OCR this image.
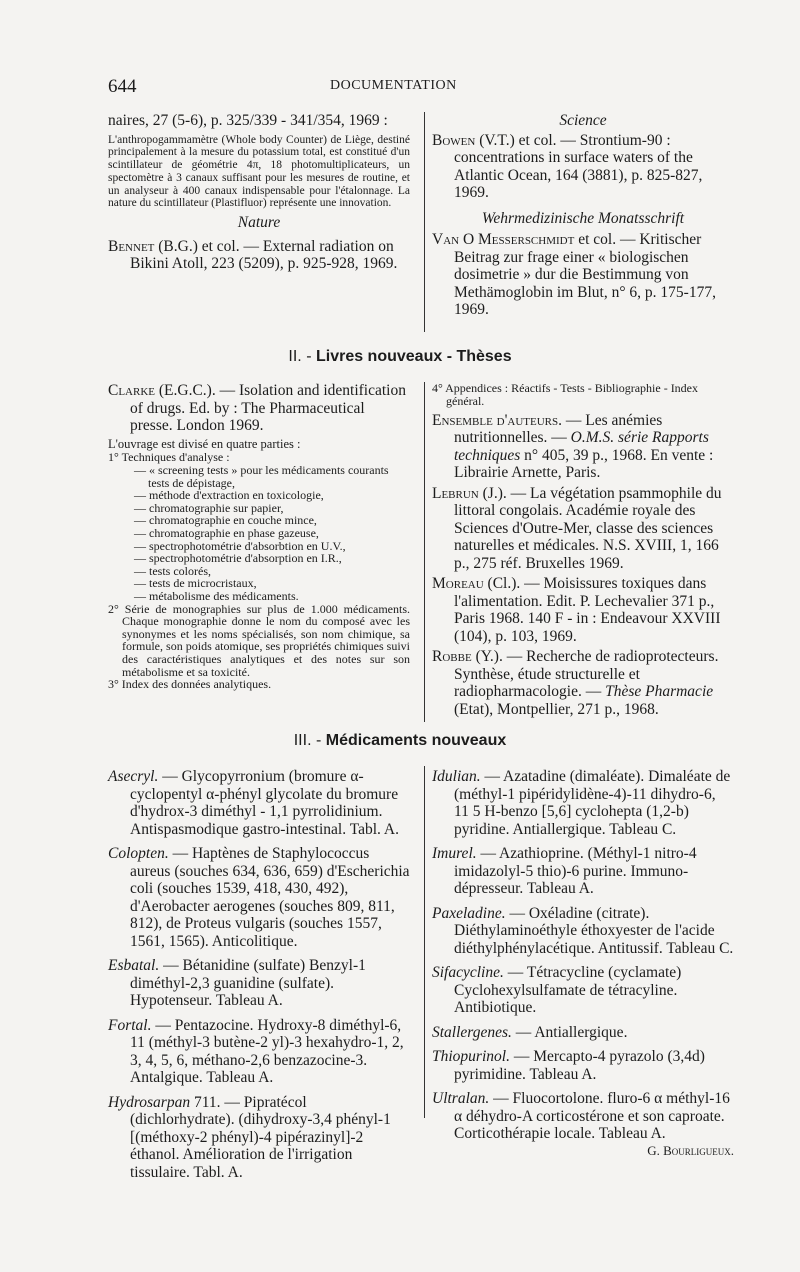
644	DOCUMENTATION

naires, 27 (5-6), p. 325/339 - 341/354, 1969 :

L'anthropogammamètre (Whole body Counter) de Liège, destiné principalement à la mesure du potassium total, est constitué d'un scintillateur de géométrie 4π, 18 photomultiplicateurs, un spectomètre à 3 canaux suffisant pour les mesures de routine, et un analyseur à 400 canaux indispensable pour l'étalonnage. La nature du scintillateur (Plastifluor) représente une innovation.

Nature

Bennet (B.G.) et col. — External radiation on Bikini Atoll, 223 (5209), p. 925-928, 1969.

Science

Bowen (V.T.) et col. — Strontium-90 : concentrations in surface waters of the Atlantic Ocean, 164 (3881), p. 825-827, 1969.

Wehrmedizinische Monatsschrift

Van O Messerschmidt et col. — Kritischer Beitrag zur frage einer « biologischen dosimetrie » dur die Bestimmung von Methämoglobin im Blut, n° 6, p. 175-177, 1969.

II. - Livres nouveaux - Thèses

Clarke (E.G.C.). — Isolation and identification of drugs. Ed. by : The Pharmaceutical presse. London 1969.

L'ouvrage est divisé en quatre parties :

1° Techniques d'analyse :

— « screening tests » pour les médicaments courants tests de dépistage,

— méthode d'extraction en toxicologie,

— chromatographie sur papier,

— chromatographie en couche mince,

— chromatographie en phase gazeuse,

— spectrophotométrie d'absorbtion en U.V.,

— spectrophotométrie d'absorption en I.R.,

— tests colorés,

— tests de microcristaux,

— métabolisme des médicaments.

2° Série de monographies sur plus de 1.000 médicaments. Chaque monographie donne le nom du composé avec les synonymes et les noms spécialisés, son nom chimique, sa formule, son poids atomique, ses propriétés chimiques suivi des caractéristiques analytiques et des notes sur son métabolisme et sa toxicité.

3° Index des données analytiques.

4° Appendices : Réactifs - Tests - Bibliographie - Index général.

Ensemble d'auteurs. — Les anémies nutritionnelles. — O.M.S. série Rapports techniques n° 405, 39 p., 1968. En vente : Librairie Arnette, Paris.

Lebrun (J.). — La végétation psammophile du littoral congolais. Académie royale des Sciences d'Outre-Mer, classe des sciences naturelles et médicales. N.S. XVIII, 1, 166 p., 275 réf. Bruxelles 1969.

Moreau (Cl.). — Moisissures toxiques dans l'alimentation. Edit. P. Lechevalier 371 p., Paris 1968. 140 F - in : Endeavour XXVIII (104), p. 103, 1969.

Robbe (Y.). — Recherche de radioprotecteurs. Synthèse, étude structurelle et radiopharmacologie. — Thèse Pharmacie (Etat), Montpellier, 271 p., 1968.

III. - Médicaments nouveaux

Asecryl. — Glycopyrronium (bromure α-cyclopentyl α-phényl glycolate du bromure d'hydrox-3 diméthyl - 1,1 pyrrolidinium. Antispasmodique gastro-intestinal. Tabl. A.

Colopten. — Haptènes de Staphylococcus aureus (souches 634, 636, 659) d'Escherichia coli (souches 1539, 418, 430, 492), d'Aerobacter aerogenes (souches 809, 811, 812), de Proteus vulgaris (souches 1557, 1561, 1565). Anticolitique.

Esbatal. — Bétanidine (sulfate) Benzyl-1 diméthyl-2,3 guanidine (sulfate). Hypotenseur. Tableau A.

Fortal. — Pentazocine. Hydroxy-8 diméthyl-6, 11 (méthyl-3 butène-2 yl)-3 hexahydro-1, 2, 3, 4, 5, 6, méthano-2,6 benzazocine-3. Antalgique. Tableau A.

Hydrosarpan 711. — Pipratécol (dichlorhydrate). (dihydroxy-3,4 phényl-1 [(méthoxy-2 phényl)-4 pipérazinyl]-2 éthanol. Amélioration de l'irrigation tissulaire. Tabl. A.

Idulian. — Azatadine (dimaléate). Dimaléate de (méthyl-1 pipéridylidène-4)-11 dihydro-6, 11 5 H-benzo [5,6] cyclohepta (1,2-b) pyridine. Antiallergique. Tableau C.

Imurel. — Azathioprine. (Méthyl-1 nitro-4 imidazolyl-5 thio)-6 purine. Immuno-dépresseur. Tableau A.

Paxeladine. — Oxéladine (citrate). Diéthylaminoéthyle éthoxyester de l'acide diéthylphénylacétique. Antitussif. Tableau C.

Sifacycline. — Tétracycline (cyclamate) Cyclohexylsulfamate de tétracyline. Antibiotique.

Stallergenes. — Antiallergique.

Thiopurinol. — Mercapto-4 pyrazolo (3,4d) pyrimidine. Tableau A.

Ultralan. — Fluocortolone. fluro-6 α méthyl-16 α déhydro-A corticostérone et son caproate. Corticothérapie locale. Tableau A.

G. Bourligueux.
